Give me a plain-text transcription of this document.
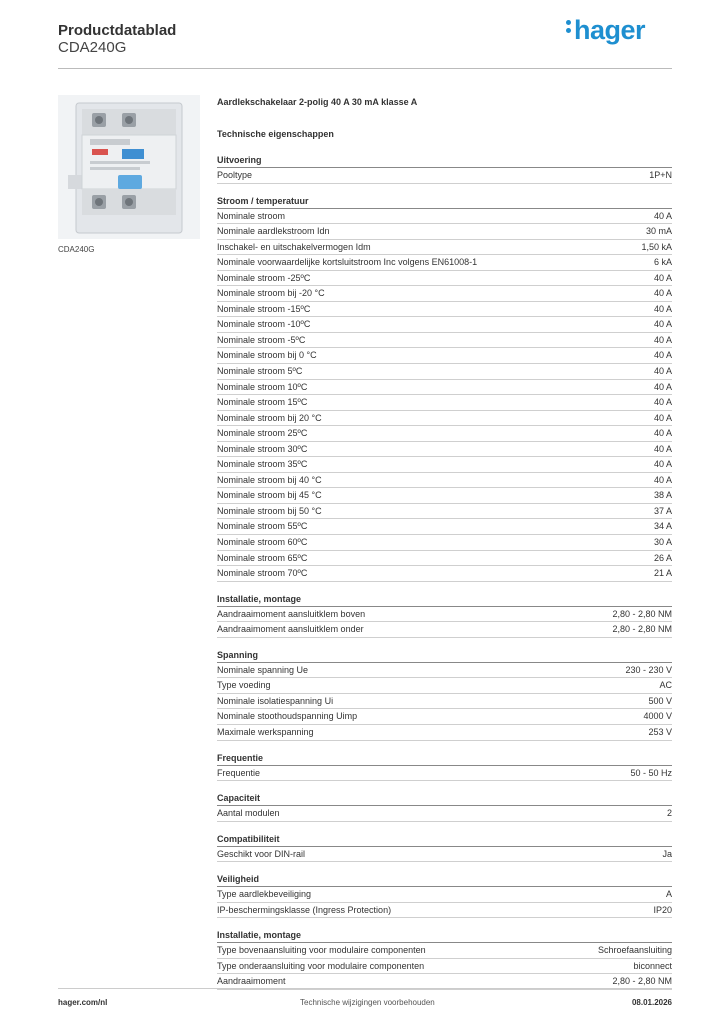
Productdatablad
CDA240G
hager
CDA240G
Aardlekschakelaar 2-polig 40 A 30 mA klasse A
Technische eigenschappen
Uitvoering
Pooltype	1P+N
Stroom / temperatuur
Nominale stroom	40 A
Nominale aardlekstroom Idn	30 mA
Inschakel- en uitschakelvermogen Idm	1,50 kA
Nominale voorwaardelijke kortsluitstroom Inc volgens EN61008-1	6 kA
Nominale stroom -25ºC	40 A
Nominale stroom bij -20 °C	40 A
Nominale stroom -15ºC	40 A
Nominale stroom -10ºC	40 A
Nominale stroom -5ºC	40 A
Nominale stroom bij 0 °C	40 A
Nominale stroom 5ºC	40 A
Nominale stroom 10ºC	40 A
Nominale stroom 15ºC	40 A
Nominale stroom bij 20 °C	40 A
Nominale stroom 25ºC	40 A
Nominale stroom 30ºC	40 A
Nominale stroom 35ºC	40 A
Nominale stroom bij 40 °C	40 A
Nominale stroom bij 45 °C	38 A
Nominale stroom bij 50 °C	37 A
Nominale stroom 55ºC	34 A
Nominale stroom 60ºC	30 A
Nominale stroom 65ºC	26 A
Nominale stroom 70ºC	21 A
Installatie, montage
Aandraaimoment aansluitklem boven	2,80 - 2,80 NM
Aandraaimoment aansluitklem onder	2,80 - 2,80 NM
Spanning
Nominale spanning Ue	230 - 230 V
Type voeding	AC
Nominale isolatiespanning Ui	500 V
Nominale stoothoudspanning Uimp	4000 V
Maximale werkspanning	253 V
Frequentie
Frequentie	50 - 50 Hz
Capaciteit
Aantal modulen	2
Compatibiliteit
Geschikt voor DIN-rail	Ja
Veiligheid
Type aardlekbeveiliging	A
IP-beschermingsklasse (Ingress Protection)	IP20
Installatie, montage
Type bovenaansluiting voor modulaire componenten	Schroefaansluiting
Type onderaansluiting voor modulaire componenten	biconnect
Aandraaimoment	2,80 - 2,80 NM
hager.com/nl	Technische wijzigingen voorbehouden	08.01.2026
